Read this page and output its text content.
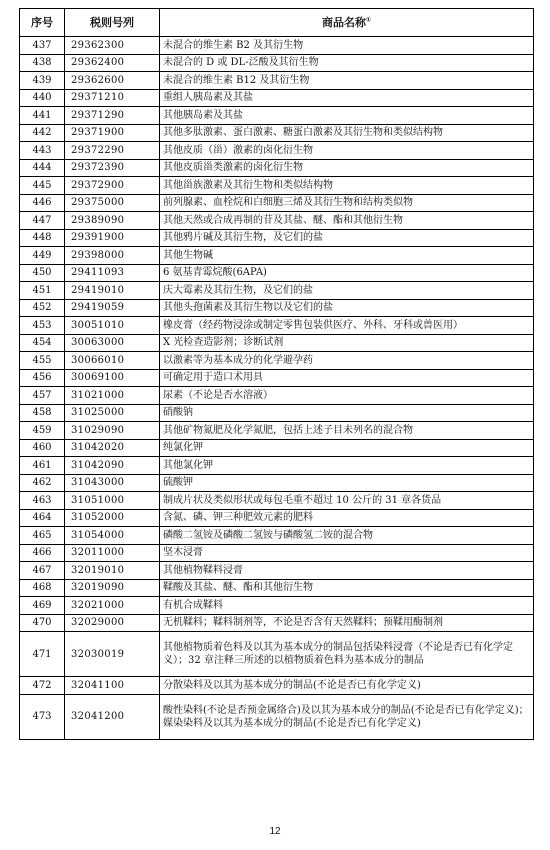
序号	税则号列	商品名称①
437	29362300	未混合的维生素 B2 及其衍生物
438	29362400	未混合的 D 或 DL-泛酸及其衍生物
439	29362600	未混合的维生素 B12 及其衍生物
440	29371210	重组人胰岛素及其盐
441	29371290	其他胰岛素及其盐
442	29371900	其他多肽激素、蛋白激素、糖蛋白激素及其衍生物和类似结构物
443	29372290	其他皮质（甾）激素的卤化衍生物
444	29372390	其他皮质甾类激素的卤化衍生物
445	29372900	其他甾族激素及其衍生物和类似结构物
446	29375000	前列腺素、血栓烷和白细胞三烯及其衍生物和结构类似物
447	29389090	其他天然或合成再制的苷及其盐、醚、酯和其他衍生物
448	29391900	其他鸦片碱及其衍生物，及它们的盐
449	29398000	其他生物碱
450	29411093	6 氨基青霉烷酸(6APA)
451	29419010	庆大霉素及其衍生物，及它们的盐
452	29419059	其他头孢菌素及其衍生物以及它们的盐
453	30051010	橡皮膏（经药物浸涂或制定零售包装供医疗、外科、牙科或兽医用）
454	30063000	X 光检查造影剂；诊断试剂
455	30066010	以激素等为基本成分的化学避孕药
456	30069100	可确定用于造口术用具
457	31021000	尿素（不论是否水溶液）
458	31025000	硝酸钠
459	31029090	其他矿物氮肥及化学氮肥，包括上述子目未列名的混合物
460	31042020	纯氯化钾
461	31042090	其他氯化钾
462	31043000	硫酸钾
463	31051000	制成片状及类似形状或每包毛重不超过 10 公斤的 31 章各货品
464	31052000	含氮、磷、钾三种肥效元素的肥料
465	31054000	磷酸二氢铵及磷酸二氢铵与磷酸氢二铵的混合物
466	32011000	坚木浸膏
467	32019010	其他植物鞣料浸膏
468	32019090	鞣酸及其盐、醚、酯和其他衍生物
469	32021000	有机合成鞣料
470	32029000	无机鞣料；鞣料制剂等，不论是否含有天然鞣料；预鞣用酶制剂
471	32030019	其他植物质着色料及以其为基本成分的制品包括染料浸膏（不论是否已有化学定义）；32 章注释三所述的以植物质着色料为基本成分的制品
472	32041100	分散染料及以其为基本成分的制品(不论是否已有化学定义)
473	32041200	酸性染料(不论是否预金属络合)及以其为基本成分的制品(不论是否已有化学定义)；媒染染料及以其为基本成分的制品(不论是否已有化学定义)
12
